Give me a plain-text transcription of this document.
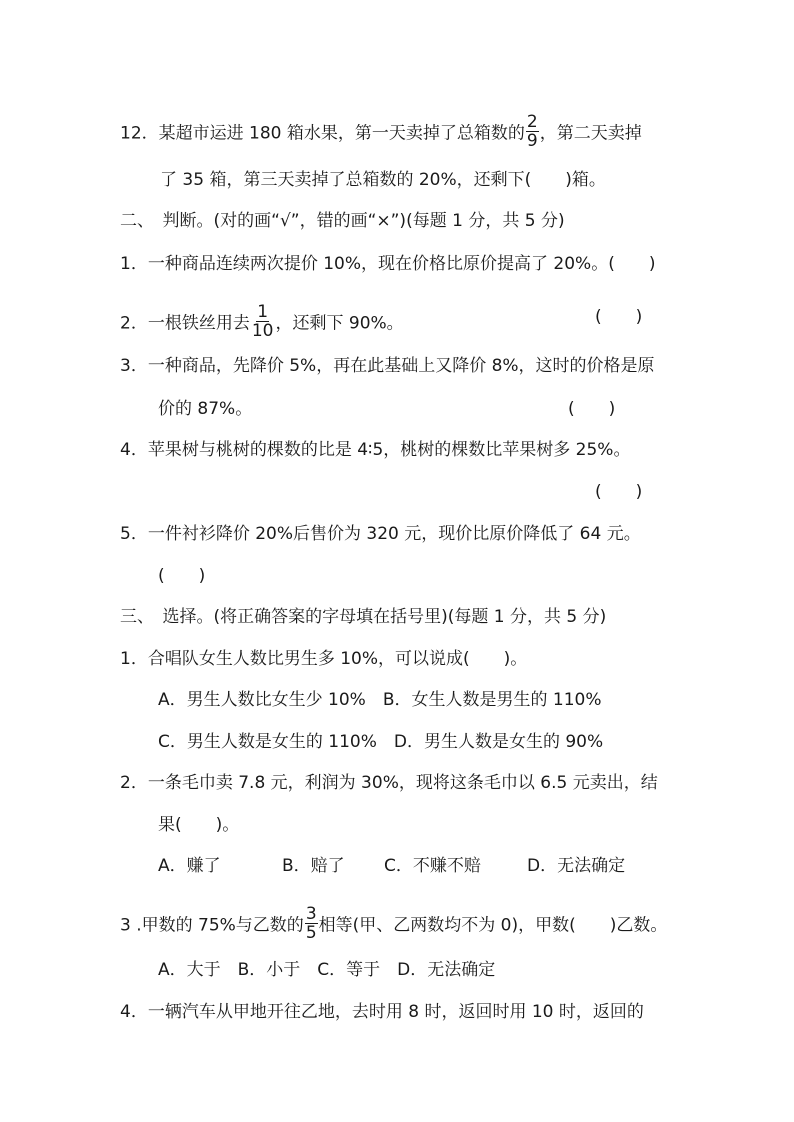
12．某超市运进 180 箱水果，第一天卖掉了总箱数的 $\frac{2}{9}$ ，第二天卖掉
了 35 箱，第三天卖掉了总箱数的 20%，还剩下(　　)箱。
二、　判断。(对的画“√”，错的画“×”)(每题 1 分，共 5 分)
1．一种商品连续两次提价 10%，现在价格比原价提高了 20%。(　　)
2．一根铁丝用去 $\frac{1}{10}$ ，还剩下 90%。	(　　)
3．一种商品，先降价 5%，再在此基础上又降价 8%，这时的价格是原
价的 87%。	(　　)
4．苹果树与桃树的棵数的比是 4∶5，桃树的棵数比苹果树多 25%。
(　　)
5．一件衬衫降价 20%后售价为 320 元，现价比原价降低了 64 元。
(　　)
三、　选择。(将正确答案的字母填在括号里)(每题 1 分，共 5 分)
1．合唱队女生人数比男生多 10%，可以说成(　　)。
A．男生人数比女生少 10%　B．女生人数是男生的 110%
C．男生人数是女生的 110%　D．男生人数是女生的 90%
2．一条毛巾卖 7.8 元，利润为 30%，现将这条毛巾以 6.5 元卖出，结
果(　　)。
A．赚了	B．赔了 C．不赚不赔	D．无法确定
3 .甲数的 75%与乙数的 $\frac{3}{5}$ 相等(甲、乙两数均不为 0)，甲数(　　)乙数。
A．大于　B．小于　C．等于　D．无法确定
4．一辆汽车从甲地开往乙地，去时用 8 时，返回时用 10 时，返回的
